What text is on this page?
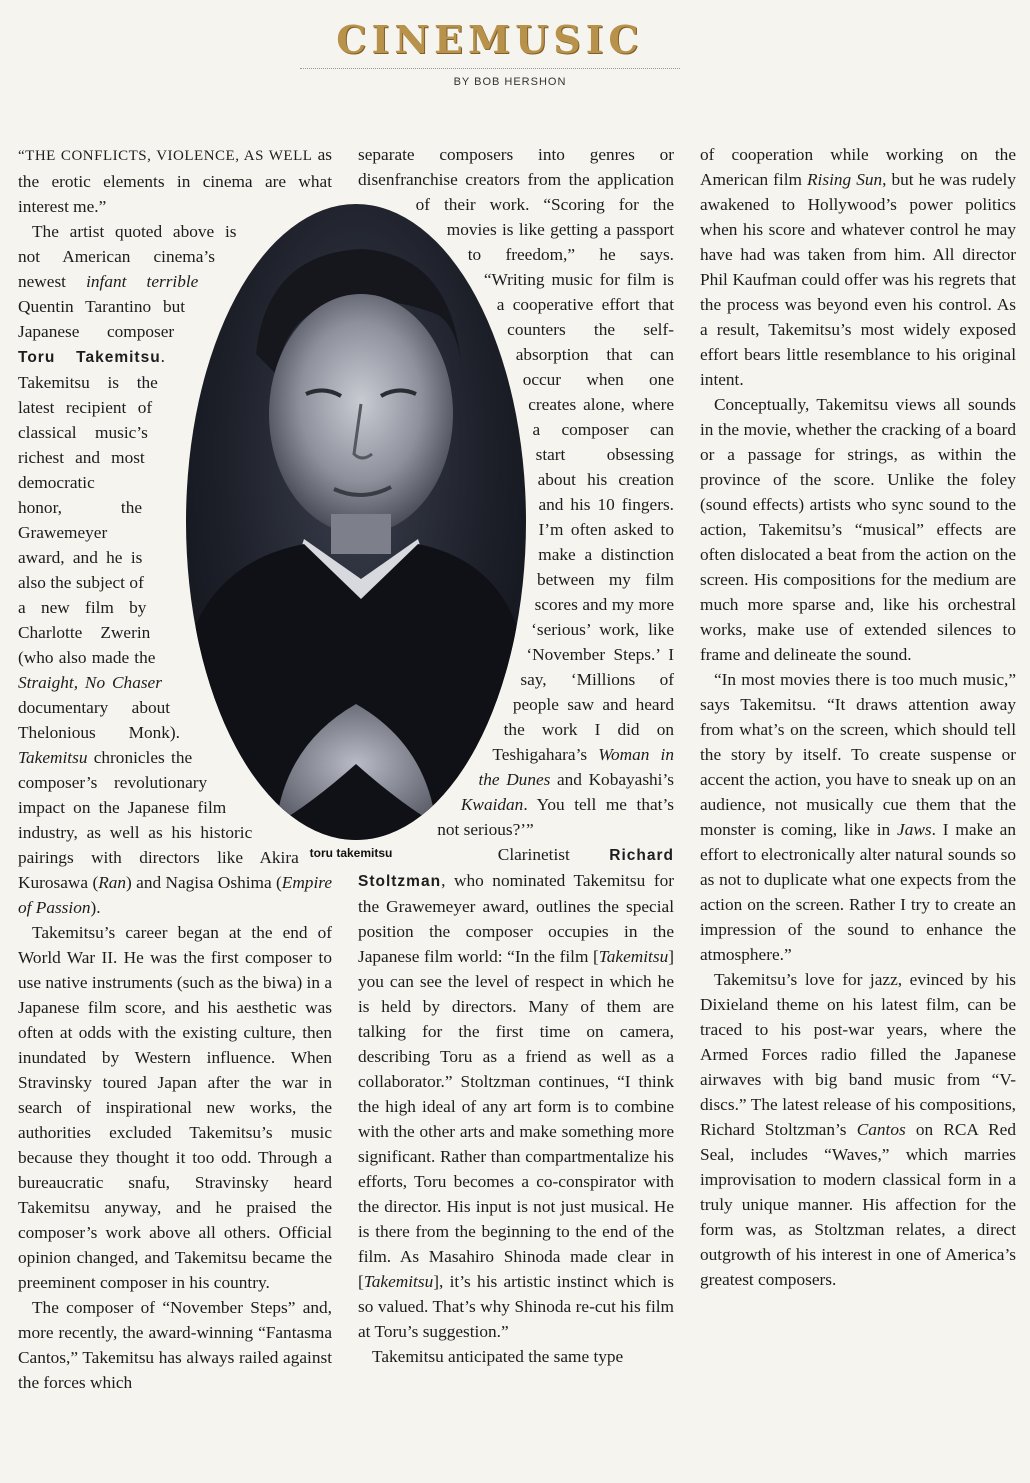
CINEMUSIC
BY BOB HERSHON

“THE CONFLICTS, VIOLENCE, AS WELL as the erotic elements in cinema are what interest me.”

The artist quoted above is not American cinema’s newest infant terrible Quentin Tarantino but Japanese composer Toru Takemitsu. Takemitsu is the latest recipient of classical music’s richest and most democratic honor, the Grawemeyer award, and he is also the subject of a new film by Charlotte Zwerin (who also made the Straight, No Chaser documentary about Thelonious Monk). Takemitsu chronicles the composer’s revolutionary impact on the Japanese film industry, as well as his historic pairings with directors like Akira Kurosawa (Ran) and Nagisa Oshima (Empire of Passion).

Takemitsu’s career began at the end of World War II. He was the first composer to use native instruments (such as the biwa) in a Japanese film score, and his aesthetic was often at odds with the existing culture, then inundated by Western influence. When Stravinsky toured Japan after the war in search of inspirational new works, the authorities excluded Takemitsu’s music because they thought it too odd. Through a bureaucratic snafu, Stravinsky heard Takemitsu anyway, and he praised the composer’s work above all others. Official opinion changed, and Takemitsu became the preeminent composer in his country.

The composer of “November Steps” and, more recently, the award-winning “Fantasma Cantos,” Takemitsu has always railed against the forces which

separate composers into genres or disenfranchise creators from the application of their work. “Scoring for the movies is like getting a passport to freedom,” he says. “Writing music for film is a cooperative effort that counters the self-absorption that can occur when one creates alone, where a composer can start obsessing about his creation and his 10 fingers. I’m often asked to make a distinction between my film scores and my more ‘serious’ work, like ‘November Steps.’ I say, ‘Millions of people saw and heard the work I did on Teshigahara’s Woman in the Dunes and Kobayashi’s Kwaidan. You tell me that’s not serious?’”

Clarinetist Richard Stoltzman, who nominated Takemitsu for the Grawemeyer award, outlines the special position the composer occupies in the Japanese film world: “In the film [Takemitsu] you can see the level of respect in which he is held by directors. Many of them are talking for the first time on camera, describing Toru as a friend as well as a collaborator.” Stoltzman continues, “I think the high ideal of any art form is to combine with the other arts and make something more significant. Rather than compartmentalize his efforts, Toru becomes a co-conspirator with the director. His input is not just musical. He is there from the beginning to the end of the film. As Masahiro Shinoda made clear in [Takemitsu], it’s his artistic instinct which is so valued. That’s why Shinoda re-cut his film at Toru’s suggestion.”

Takemitsu anticipated the same type

of cooperation while working on the American film Rising Sun, but he was rudely awakened to Hollywood’s power politics when his score and whatever control he may have had was taken from him. All director Phil Kaufman could offer was his regrets that the process was beyond even his control. As a result, Takemitsu’s most widely exposed effort bears little resemblance to his original intent.

Conceptually, Takemitsu views all sounds in the movie, whether the cracking of a board or a passage for strings, as within the province of the score. Unlike the foley (sound effects) artists who sync sound to the action, Takemitsu’s “musical” effects are often dislocated a beat from the action on the screen. His compositions for the medium are much more sparse and, like his orchestral works, make use of extended silences to frame and delineate the sound.

“In most movies there is too much music,” says Takemitsu. “It draws attention away from what’s on the screen, which should tell the story by itself. To create suspense or accent the action, you have to sneak up on an audience, not musically cue them that the monster is coming, like in Jaws. I make an effort to electronically alter natural sounds so as not to duplicate what one expects from the action on the screen. Rather I try to create an impression of the sound to enhance the atmosphere.”

Takemitsu’s love for jazz, evinced by his Dixieland theme on his latest film, can be traced to his post-war years, where the Armed Forces radio filled the Japanese airwaves with big band music from “V-discs.” The latest release of his compositions, Richard Stoltzman’s Cantos on RCA Red Seal, includes “Waves,” which marries improvisation to modern classical form in a truly unique manner. His affection for the form was, as Stoltzman relates, a direct outgrowth of his interest in one of America’s greatest composers.

toru takemitsu
